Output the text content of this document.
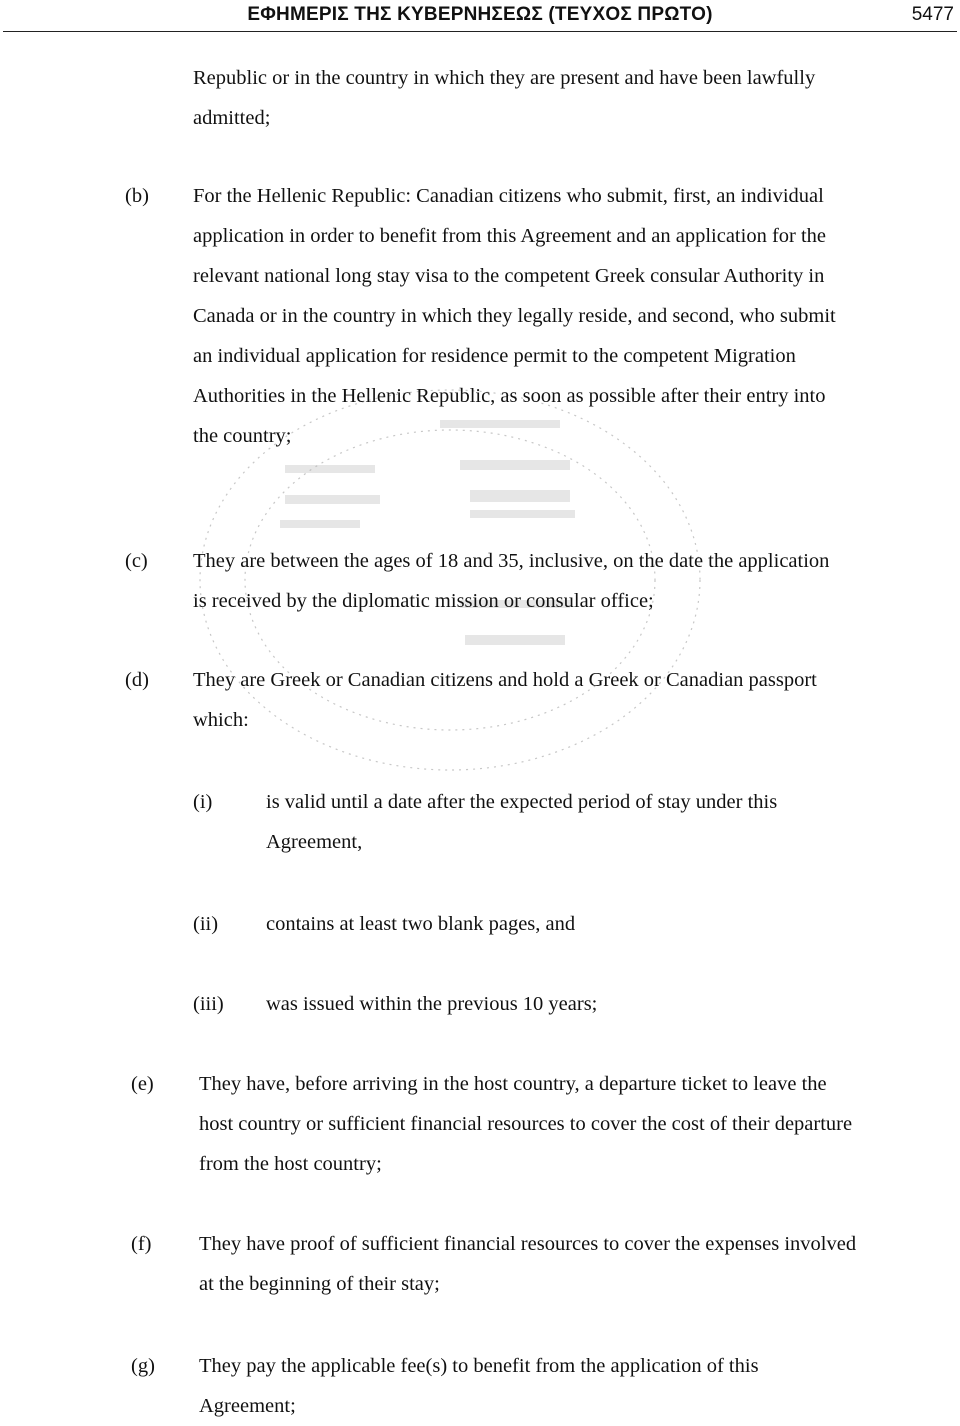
ΕΦΗΜΕΡΙΣ ΤΗΣ ΚΥΒΕΡΝΗΣΕΩΣ (ΤΕΥΧΟΣ ΠΡΩΤΟ)	5477
Republic or in the country in which they are present and have been lawfully admitted;
(b) For the Hellenic Republic: Canadian citizens who submit, first, an individual application in order to benefit from this Agreement and an application for the relevant national long stay visa to the competent Greek consular Authority in Canada or in the country in which they legally reside, and second, who submit an individual application for residence permit to the competent Migration Authorities in the Hellenic Republic, as soon as possible after their entry into the country;
(c) They are between the ages of 18 and 35, inclusive, on the date the application is received by the diplomatic mission or consular office;
(d) They are Greek or Canadian citizens and hold a Greek or Canadian passport which:
(i)	is valid until a date after the expected period of stay under this Agreement,
(ii) contains at least two blank pages, and
(iii) was issued within the previous 10 years;
(e) They have, before arriving in the host country, a departure ticket to leave the host country or sufficient financial resources to cover the cost of their departure from the host country;
(f) They have proof of sufficient financial resources to cover the expenses involved at the beginning of their stay;
(g) They pay the applicable fee(s) to benefit from the application of this Agreement;
